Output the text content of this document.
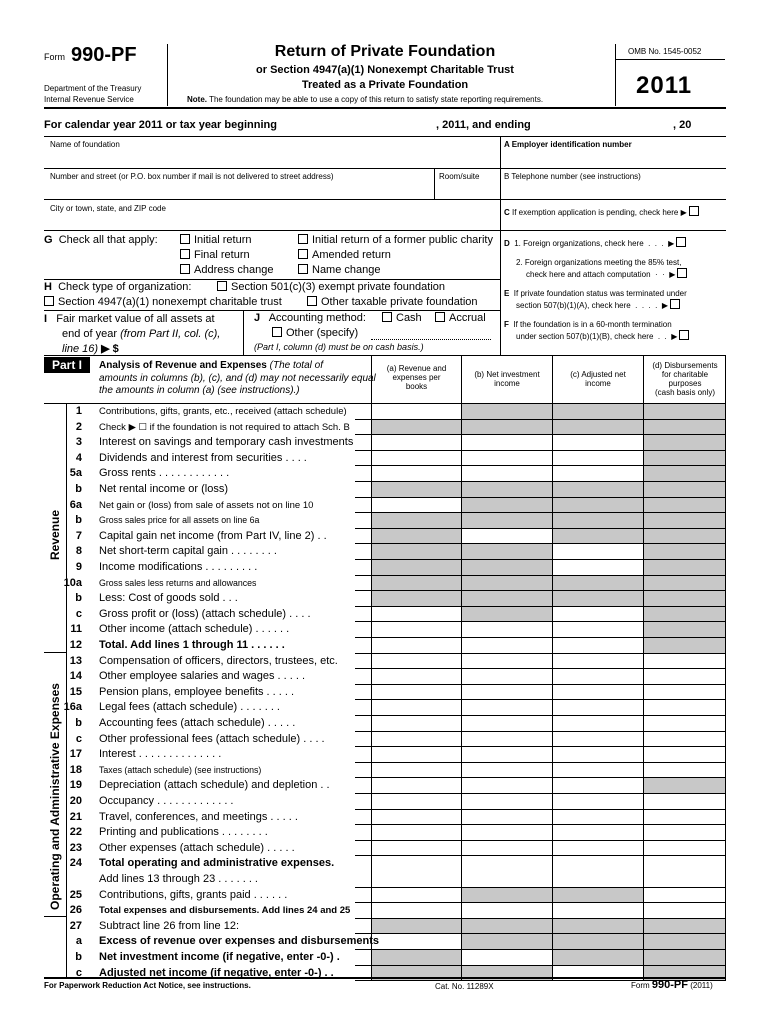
Form 990-PF
Department of the Treasury
Internal Revenue Service
Return of Private Foundation
or Section 4947(a)(1) Nonexempt Charitable Trust
Treated as a Private Foundation
Note. The foundation may be able to use a copy of this return to satisfy state reporting requirements.
OMB No. 1545-0052
2011
For calendar year 2011 or tax year beginning	, 2011, and ending	, 20
Name of foundation	A Employer identification number
Number and street (or P.O. box number if mail is not delivered to street address)	Room/suite	B Telephone number (see instructions)
City or town, state, and ZIP code	C If exemption application is pending, check here ▶
G Check all that apply:	Initial return	Initial return of a former public charity
Final return	Amended return
Address change	Name change
H Check type of organization:	Section 501(c)(3) exempt private foundation
Section 4947(a)(1) nonexempt charitable trust	Other taxable private foundation
I Fair market value of all assets at
end of year (from Part II, col. (c),
line 16) ▶ $
J Accounting method:	Cash	Accrual
Other (specify)
(Part I, column (d) must be on cash basis.)
D 1. Foreign organizations, check here  .  .  .  ▶
2. Foreign organizations meeting the 85% test,
check here and attach computation  ·  ·  ▶
E If private foundation status was terminated under
section 507(b)(1)(A), check here  .  .  .  .  ▶
F If the foundation is in a 60-month termination
under section 507(b)(1)(B), check here  .  .  ▶
Part I	Analysis of Revenue and Expenses (The total of
amounts in columns (b), (c), and (d) may not necessarily equal
the amounts in column (a) (see instructions).)
(a) Revenue and
expenses per
books
(b) Net investment
income
(c) Adjusted net
income
(d) Disbursements
for charitable
purposes
(cash basis only)
Revenue
Operating and Administrative Expenses
1	Contributions, gifts, grants, etc., received (attach schedule)
2	Check ▶ ☐ if the foundation is not required to attach Sch. B
3	Interest on savings and temporary cash investments
4	Dividends and interest from securities . . . .
5a	Gross rents . . . . . . . . . . . .
b	Net rental income or (loss)
6a	Net gain or (loss) from sale of assets not on line 10
b	Gross sales price for all assets on line 6a
7	Capital gain net income (from Part IV, line 2) . .
8	Net short-term capital gain . . . . . . . .
9	Income modifications . . . . . . . . .
10a	Gross sales less returns and allowances
b	Less: Cost of goods sold . . .
c	Gross profit or (loss) (attach schedule) . . . .
11	Other income (attach schedule) . . . . . .
12	Total. Add lines 1 through 11 . . . . . .
13	Compensation of officers, directors, trustees, etc.
14	Other employee salaries and wages . . . . .
15	Pension plans, employee benefits . . . . .
16a	Legal fees (attach schedule) . . . . . . .
b	Accounting fees (attach schedule) . . . . .
c	Other professional fees (attach schedule) . . . .
17	Interest . . . . . . . . . . . . . .
18	Taxes (attach schedule) (see instructions)
19	Depreciation (attach schedule) and depletion . .
20	Occupancy . . . . . . . . . . . . .
21	Travel, conferences, and meetings . . . . .
22	Printing and publications . . . . . . . .
23	Other expenses (attach schedule) . . . . .
24	Total operating and administrative expenses.
Add lines 13 through 23 . . . . . . .
25	Contributions, gifts, grants paid . . . . . .
26	Total expenses and disbursements. Add lines 24 and 25
27	Subtract line 26 from line 12:
a	Excess of revenue over expenses and disbursements
b	Net investment income (if negative, enter -0-) .
c	Adjusted net income (if negative, enter -0-) . .
For Paperwork Reduction Act Notice, see instructions.	Cat. No. 11289X	Form 990-PF (2011)
